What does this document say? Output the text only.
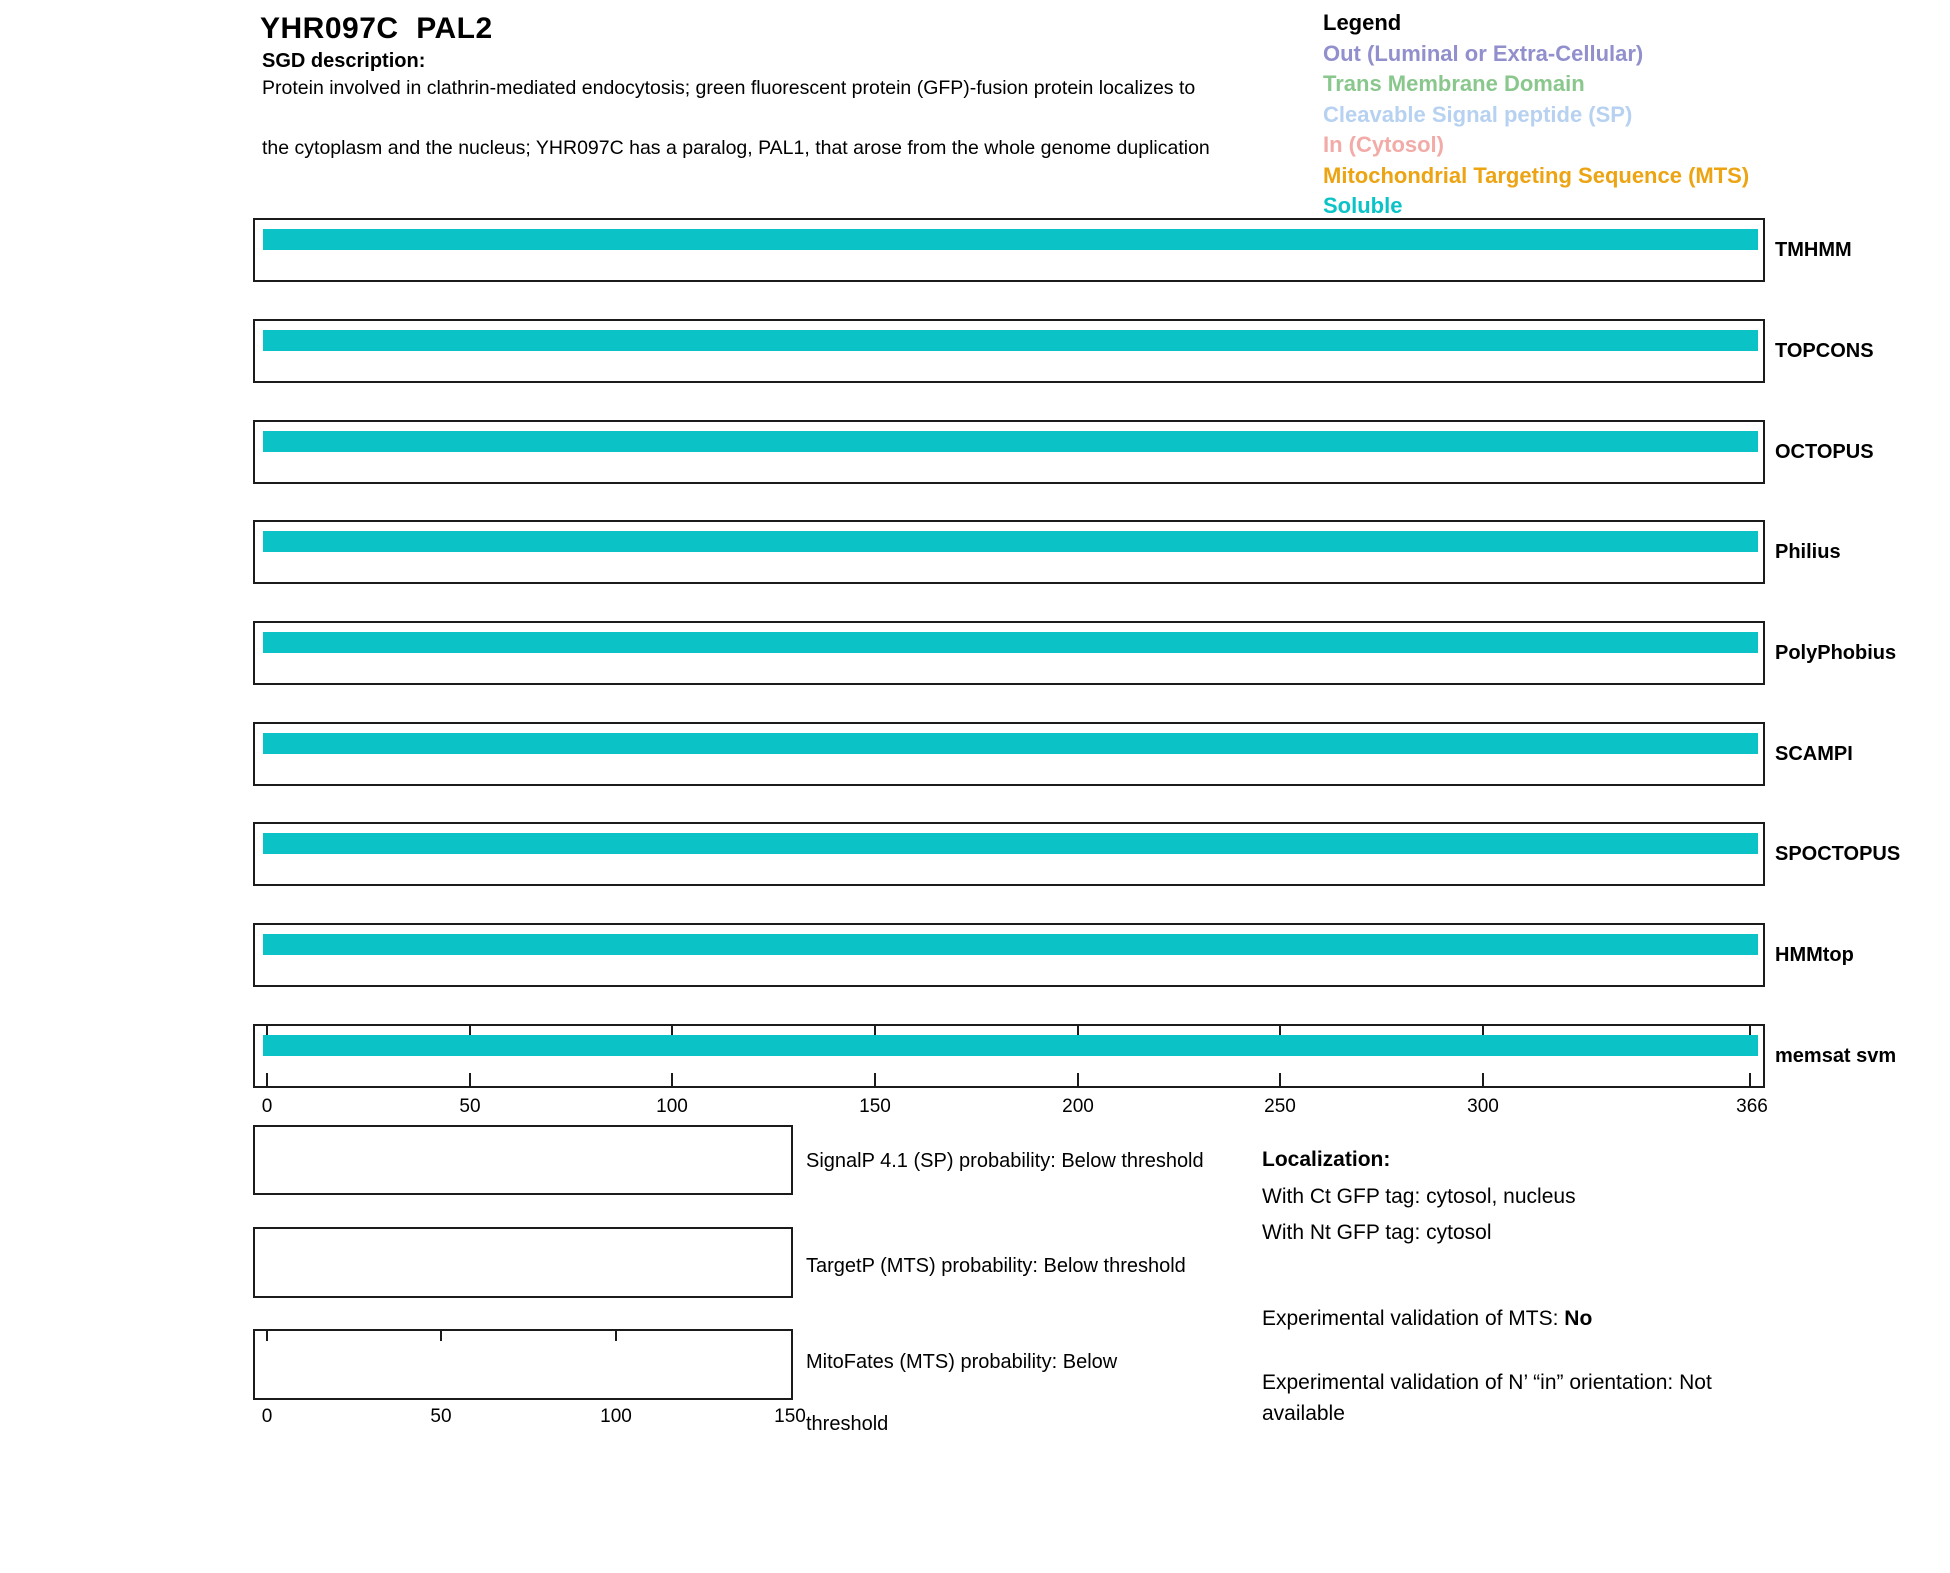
YHR097C  PAL2
SGD description:
Protein involved in clathrin-mediated endocytosis; green fluorescent protein (GFP)-fusion protein localizes to

the cytoplasm and the nucleus; YHR097C has a paralog, PAL1, that arose from the whole genome duplication
Legend
Out (Luminal or Extra-Cellular)
Trans Membrane Domain
Cleavable Signal peptide (SP)
In (Cytosol)
Mitochondrial Targeting Sequence (MTS)
Soluble
TMHMM
TOPCONS
OCTOPUS
Philius
PolyPhobius
SCAMPI
SPOCTOPUS
HMMtop
memsat svm
0	50	100	150	200	250	300	366
SignalP 4.1 (SP) probability: Below threshold
TargetP (MTS) probability: Below threshold
MitoFates (MTS) probability: Below

threshold
0	50	100	150
Localization:
With Ct GFP tag: cytosol, nucleus
With Nt GFP tag: cytosol
Experimental validation of MTS: No
Experimental validation of N’ “in” orientation: Not available
